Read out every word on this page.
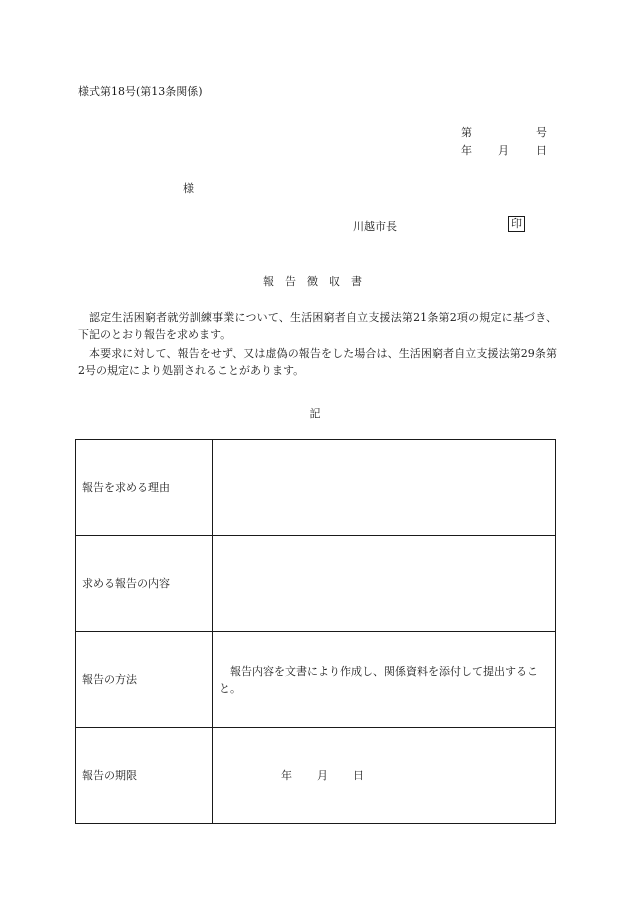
様式第18号(第13条関係)
第	号
年 月 日
様
川越市長	印
報告徴収書
認定生活困窮者就労訓練事業について、生活困窮者自立支援法第21条第2項の規定に基づき、下記のとおり報告を求めます。
本要求に対して、報告をせず、又は虚偽の報告をした場合は、生活困窮者自立支援法第29条第2号の規定により処罰されることがあります。
記
報告を求める理由	
求める報告の内容	
報告の方法	報告内容を文書により作成し、関係資料を添付して提出すること。

報告の期限	年 月 日
